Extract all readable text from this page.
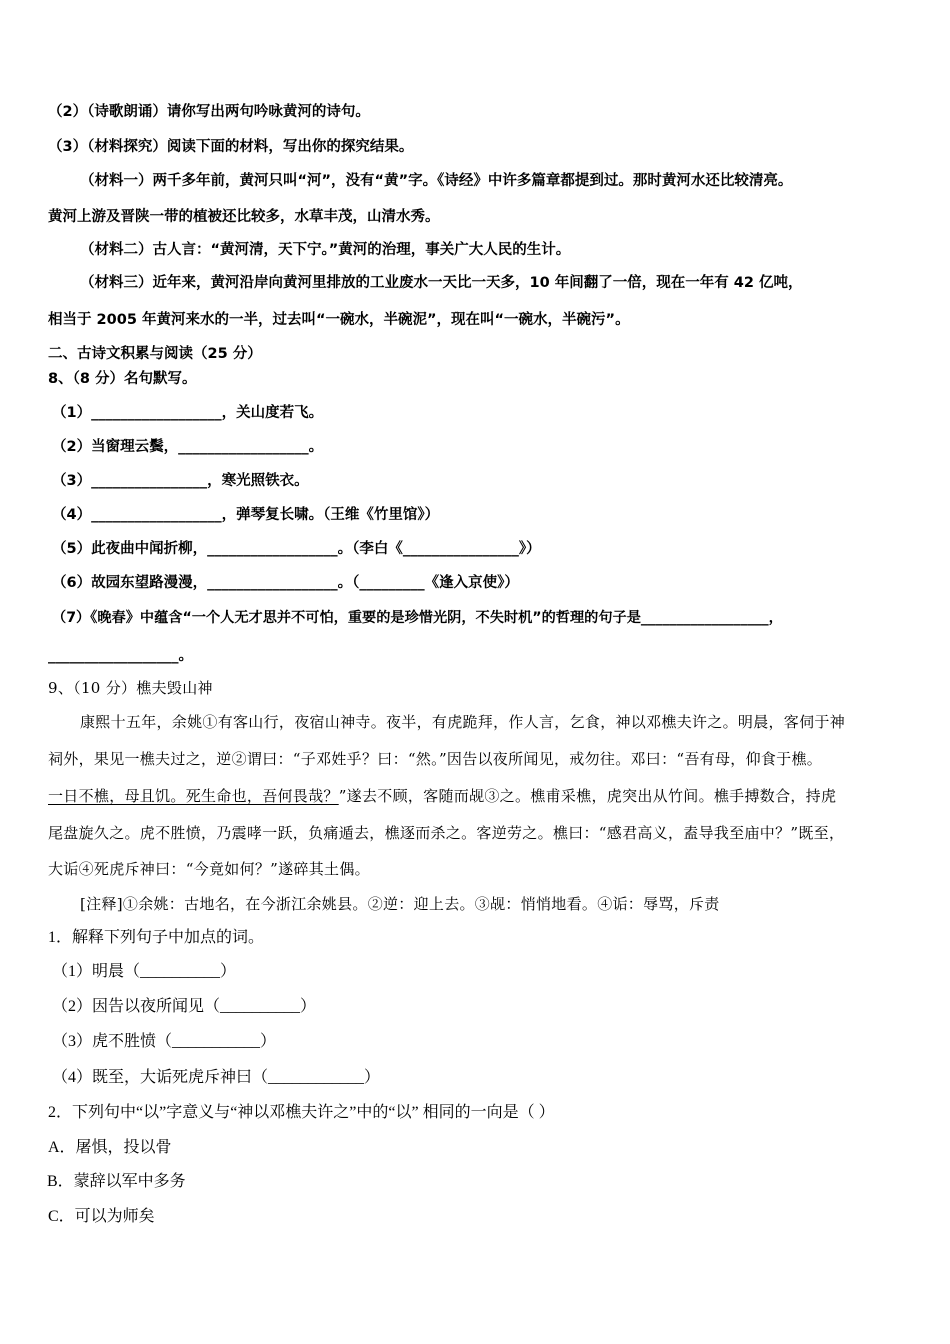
（2）（诗歌朗诵）请你写出两句吟咏黄河的诗句。
（3）（材料探究）阅读下面的材料，写出你的探究结果。
（材料一）两千多年前，黄河只叫“河”，没有“黄”字。《诗经》中许多篇章都提到过。那时黄河水还比较清亮。
黄河上游及晋陕一带的植被还比较多，水草丰茂，山清水秀。
（材料二）古人言：“黄河清，天下宁。”黄河的治理，事关广大人民的生计。
（材料三）近年来，黄河沿岸向黄河里排放的工业废水一天比一天多，10 年间翻了一倍，现在一年有 42 亿吨，
相当于 2005 年黄河来水的一半，过去叫“一碗水，半碗泥”，现在叫“一碗水，半碗污”。
二、古诗文积累与阅读（25 分）
8、（8 分）名句默写。
（1）__________________，关山度若飞。
（2）当窗理云鬓，__________________。
（3）________________，寒光照铁衣。
（4）__________________，弹琴复长啸。（王维《竹里馆》）
（5）此夜曲中闻折柳，__________________。（李白《________________》）
（6）故园东望路漫漫，__________________。（_________《逢入京使》）
（7）《晚春》中蕴含“一个人无才思并不可怕，重要的是珍惜光阴，不失时机”的哲理的句子是__________________，
__________________。
9、（10 分）樵夫毁山神
康熙十五年，余姚①有客山行，夜宿山神寺。夜半，有虎跪拜，作人言，乞食，神以邓樵夫许之。明晨，客伺于神
祠外，果见一樵夫过之，逆②谓曰：“子邓姓乎？曰：“然。”因告以夜所闻见，戒勿往。邓曰：“吾有母，仰食于樵。
一日不樵，母且饥。死生命也，吾何畏哉？”遂去不顾，客随而觇③之。樵甫采樵，虎突出从竹间。樵手搏数合，持虎
尾盘旋久之。虎不胜愤，乃震哮一跃，负痛遁去，樵逐而杀之。客逆劳之。樵曰：“感君高义，盍导我至庙中？”既至，
大诟④死虎斥神曰：“今竟如何？”遂碎其土偶。
[注释]①余姚：古地名，在今浙江余姚县。②逆：迎上去。③觇：悄悄地看。④诟：辱骂，斥责
1．解释下列句子中加点的词。
（1）明晨（__________）
（2）因告以夜所闻见（__________）
（3）虎不胜愤（___________）
（4）既至，大诟死虎斥神曰（____________）
2．下列句中“以”字意义与“神以邓樵夫许之”中的“以” 相同的一向是（ ）
A．屠惧，投以骨
B．蒙辞以军中多务
C．可以为师矣
